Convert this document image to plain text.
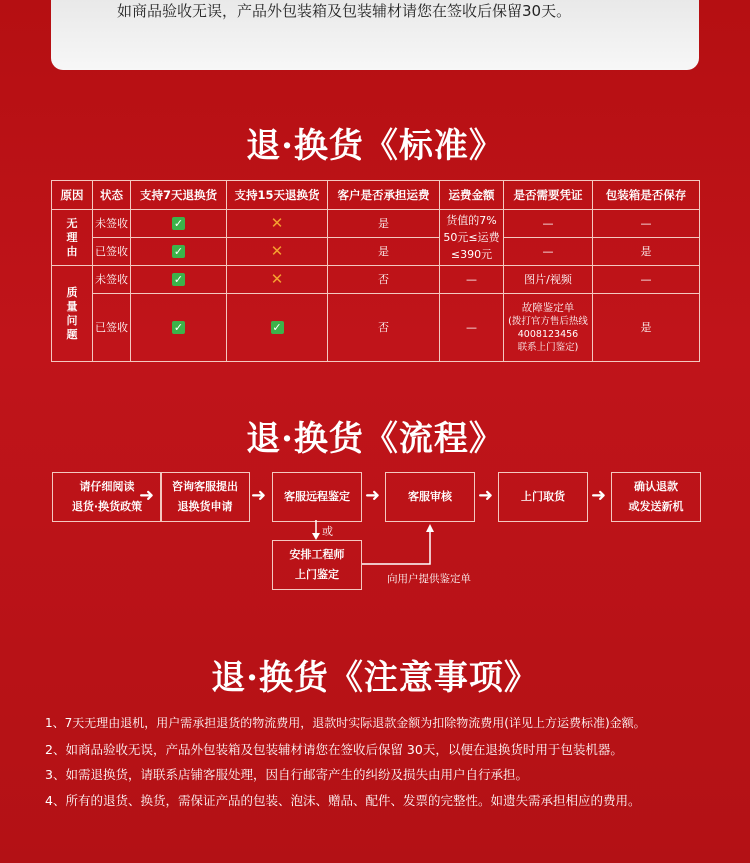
如商品验收无误，产品外包装箱及包装辅材请您在签收后保留30天。
退·换货《标准》
原因	状态	支持7天退换货	支持15天退换货	客户是否承担运费	运费金额	是否需要凭证	包装箱是否保存

无理由	未签收	✓	✕	是	货值的7%
50元≤运费
≤390元	—	—
	已签收	✓	✕	是		—	是

质量问题	未签收	✓	✕	否	—	图片/视频	—
	已签收	✓	✓	否	—	故障鉴定单
(拨打官方售后热线
4008123456
联系上门鉴定)	是
退·换货《流程》
请仔细阅读
退货·换货政策
➜	咨询客服提出
退换货申请
➜	客服远程鉴定 ➜	客服审核	➜	上门取货	➜	确认退款
或发送新机
或
安排工程师
上门鉴定	向用户提供鉴定单
退·换货《注意事项》
1、7天无理由退机，用户需承担退货的物流费用，退款时实际退款金额为扣除物流费用(详见上方运费标准)金额。
2、如商品验收无误，产品外包装箱及包装辅材请您在签收后保留 30天，以便在退换货时用于包装机器。
3、如需退换货，请联系店铺客服处理，因自行邮寄产生的纠纷及损失由用户自行承担。
4、所有的退货、换货，需保证产品的包装、泡沫、赠品、配件、发票的完整性。如遗失需承担相应的费用。
